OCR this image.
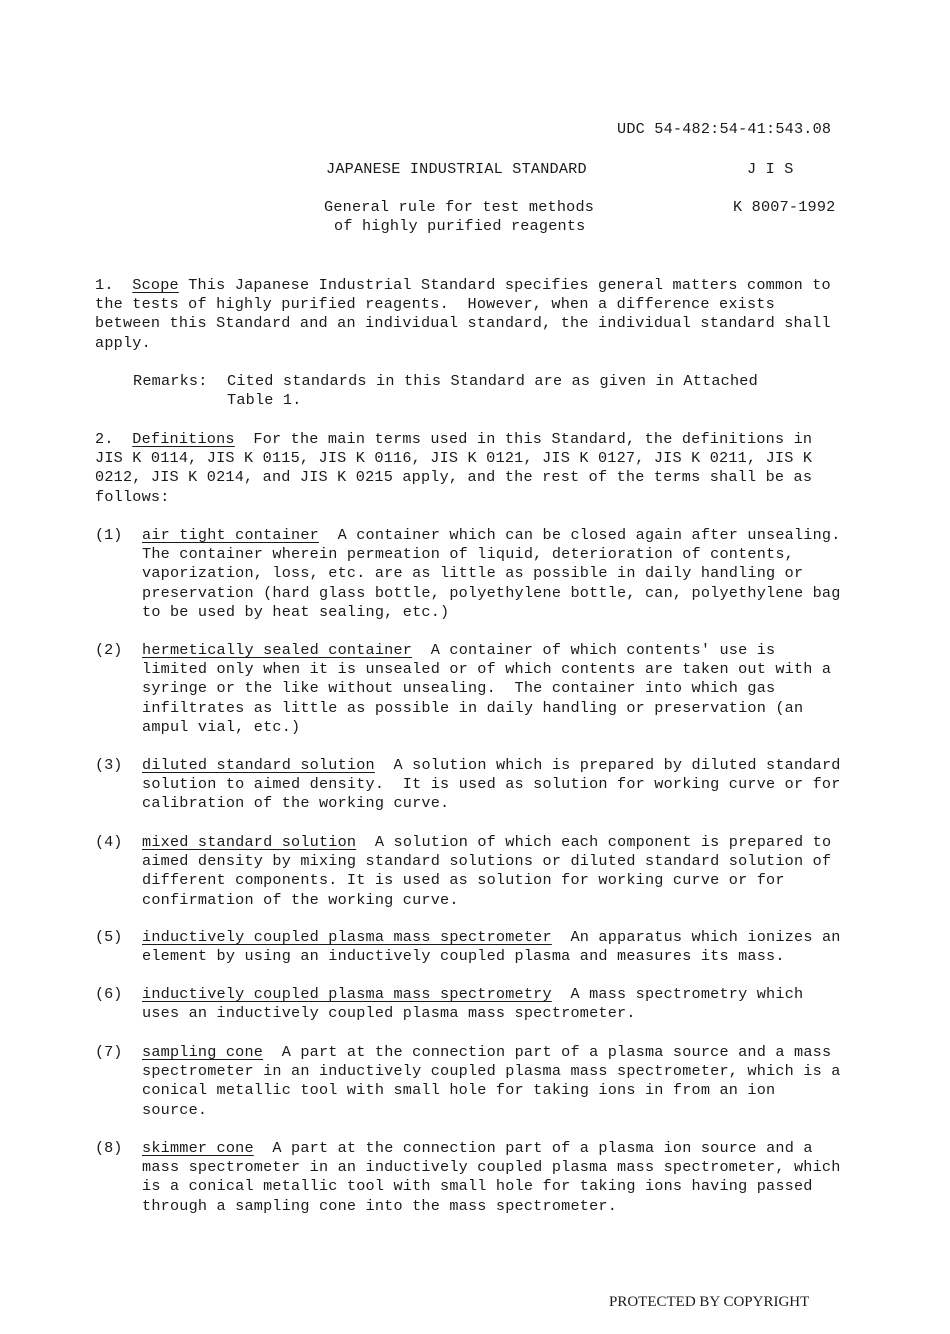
UDC 54-482:54-41:543.08
JAPANESE INDUSTRIAL STANDARD	J I S
General rule for test methods
of highly purified reagents
K 8007-1992
1. Scope This Japanese Industrial Standard specifies general matters common to the tests of highly purified reagents.  However, when a difference exists between this Standard and an individual standard, the individual standard shall apply.
Remarks: Cited standards in this Standard are as given in Attached Table 1.
2. Definitions For the main terms used in this Standard, the definitions in JIS K 0114, JIS K 0115, JIS K 0116, JIS K 0121, JIS K 0127, JIS K 0211, JIS K 0212, JIS K 0214, and JIS K 0215 apply, and the rest of the terms shall be as follows:
(1) air tight container A container which can be closed again after unsealing.  The container wherein permeation of liquid, deterioration of contents, vaporization, loss, etc. are as little as possible in daily handling or preservation (hard glass bottle, polyethylene bottle, can, polyethylene bag to be used by heat sealing, etc.)
(2) hermetically sealed container A container of which contents' use is limited only when it is unsealed or of which contents are taken out with a syringe or the like without unsealing.  The container into which gas infiltrates as little as possible in daily handling or preservation (an ampul vial, etc.)
(3) diluted standard solution A solution which is prepared by diluted standard solution to aimed density.  It is used as solution for working curve or for calibration of the working curve.
(4) mixed standard solution A solution of which each component is prepared to aimed density by mixing standard solutions or diluted standard solution of different components. It is used as solution for working curve or for confirmation of the working curve.
(5) inductively coupled plasma mass spectrometer An apparatus which ionizes an element by using an inductively coupled plasma and measures its mass.
(6) inductively coupled plasma mass spectrometry A mass spectrometry which uses an inductively coupled plasma mass spectrometer.
(7) sampling cone A part at the connection part of a plasma source and a mass spectrometer in an inductively coupled plasma mass spectrometer, which is a conical metallic tool with small hole for taking ions in from an ion source.
(8) skimmer cone A part at the connection part of a plasma ion source and a mass spectrometer in an inductively coupled plasma mass spectrometer, which is a conical metallic tool with small hole for taking ions having passed through a sampling cone into the mass spectrometer.
PROTECTED BY COPYRIGHT
